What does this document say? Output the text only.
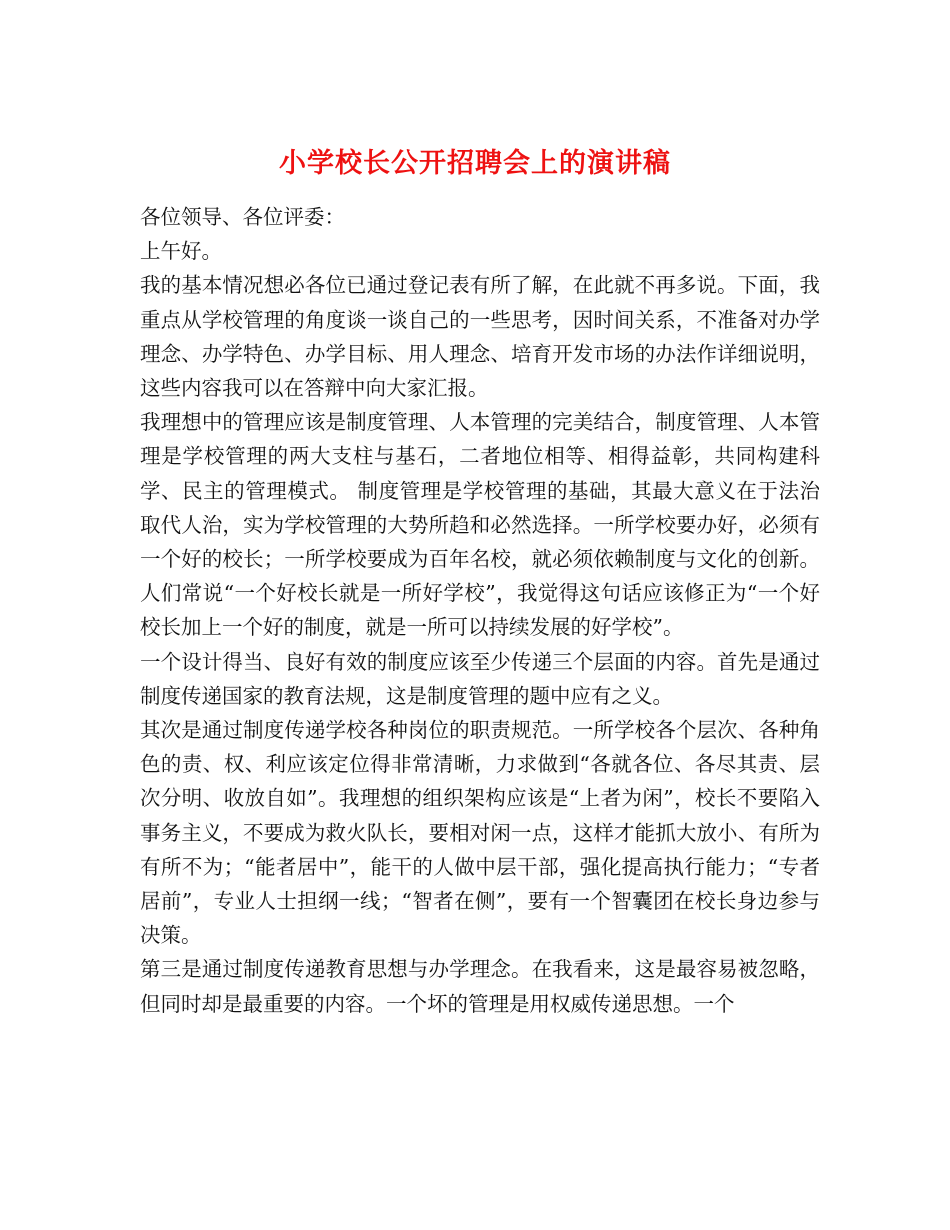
小学校长公开招聘会上的演讲稿

各位领导、各位评委：

上午好。

我的基本情况想必各位已通过登记表有所了解，在此就不再多说。下面，我重点从学校管理的角度谈一谈自己的一些思考，因时间关系，不准备对办学理念、办学特色、办学目标、用人理念、培育开发市场的办法作详细说明，这些内容我可以在答辩中向大家汇报。

我理想中的管理应该是制度管理、人本管理的完美结合，制度管理、人本管理是学校管理的两大支柱与基石，二者地位相等、相得益彰，共同构建科学、民主的管理模式。 制度管理是学校管理的基础，其最大意义在于法治取代人治，实为学校管理的大势所趋和必然选择。一所学校要办好，必须有一个好的校长；一所学校要成为百年名校，就必须依赖制度与文化的创新。人们常说“一个好校长就是一所好学校”，我觉得这句话应该修正为“一个好校长加上一个好的制度，就是一所可以持续发展的好学校”。

一个设计得当、良好有效的制度应该至少传递三个层面的内容。首先是通过制度传递国家的教育法规，这是制度管理的题中应有之义。

其次是通过制度传递学校各种岗位的职责规范。一所学校各个层次、各种角色的责、权、利应该定位得非常清晰，力求做到“各就各位、各尽其责、层次分明、收放自如”。我理想的组织架构应该是“上者为闲”，校长不要陷入事务主义，不要成为救火队长，要相对闲一点，这样才能抓大放小、有所为有所不为；“能者居中”，能干的人做中层干部，强化提高执行能力；“专者居前”，专业人士担纲一线；“智者在侧”，要有一个智囊团在校长身边参与决策。

第三是通过制度传递教育思想与办学理念。在我看来，这是最容易被忽略，但同时却是最重要的内容。一个坏的管理是用权威传递思想。一个
